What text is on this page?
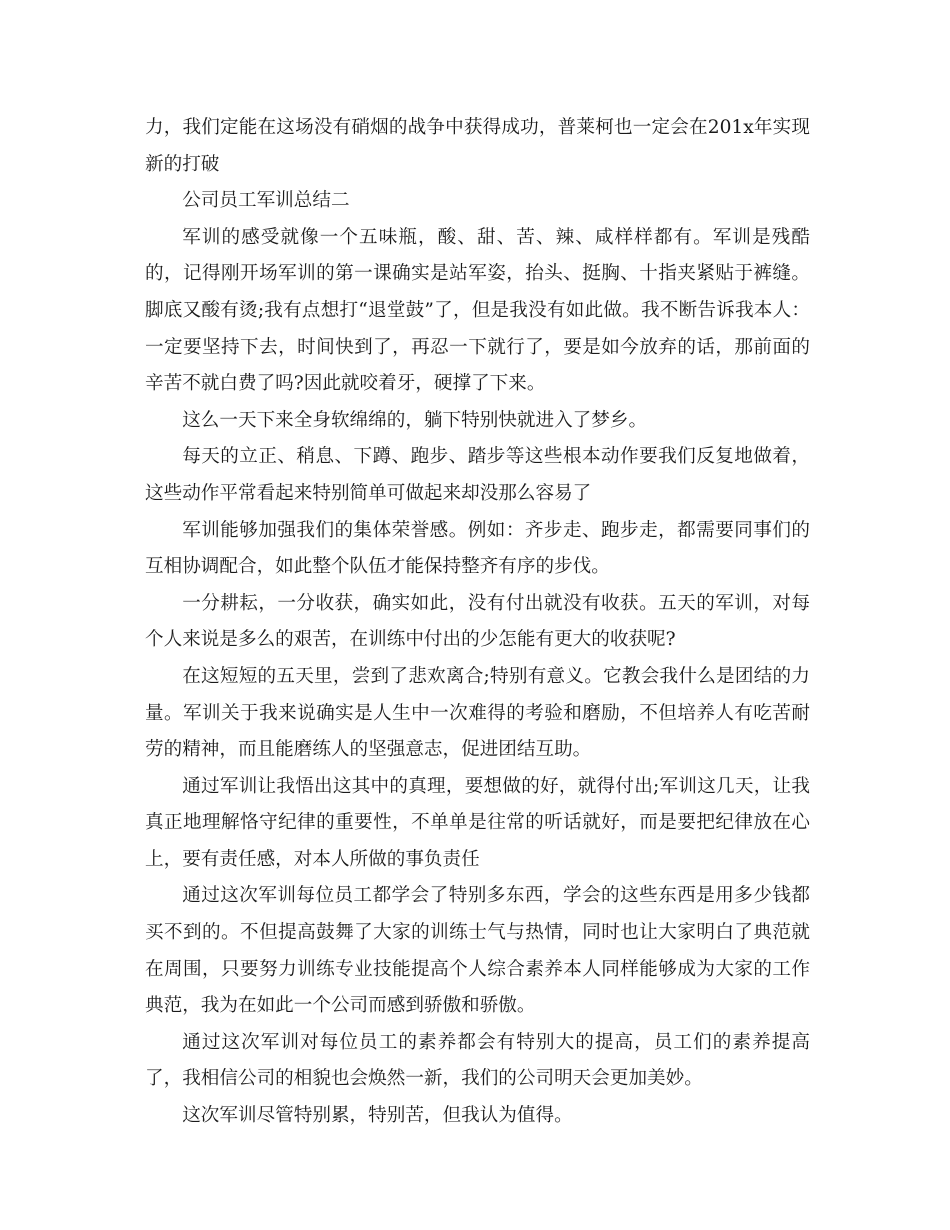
力，我们定能在这场没有硝烟的战争中获得成功，普莱柯也一定会在201x年实现新的打破

公司员工军训总结二

军训的感受就像一个五味瓶，酸、甜、苦、辣、咸样样都有。军训是残酷的，记得刚开场军训的第一课确实是站军姿，抬头、挺胸、十指夹紧贴于裤缝。脚底又酸有烫;我有点想打“退堂鼓”了，但是我没有如此做。我不断告诉我本人：一定要坚持下去，时间快到了，再忍一下就行了，要是如今放弃的话，那前面的辛苦不就白费了吗?因此就咬着牙，硬撑了下来。

这么一天下来全身软绵绵的，躺下特别快就进入了梦乡。

每天的立正、稍息、下蹲、跑步、踏步等这些根本动作要我们反复地做着，这些动作平常看起来特别简单可做起来却没那么容易了

军训能够加强我们的集体荣誉感。例如：齐步走、跑步走，都需要同事们的互相协调配合，如此整个队伍才能保持整齐有序的步伐。

一分耕耘，一分收获，确实如此，没有付出就没有收获。五天的军训，对每个人来说是多么的艰苦，在训练中付出的少怎能有更大的收获呢?

在这短短的五天里，尝到了悲欢离合;特别有意义。它教会我什么是团结的力量。军训关于我来说确实是人生中一次难得的考验和磨励，不但培养人有吃苦耐劳的精神，而且能磨练人的坚强意志，促进团结互助。

通过军训让我悟出这其中的真理，要想做的好，就得付出;军训这几天，让我真正地理解恪守纪律的重要性，不单单是往常的听话就好，而是要把纪律放在心上，要有责任感，对本人所做的事负责任

通过这次军训每位员工都学会了特别多东西，学会的这些东西是用多少钱都买不到的。不但提高鼓舞了大家的训练士气与热情，同时也让大家明白了典范就在周围，只要努力训练专业技能提高个人综合素养本人同样能够成为大家的工作典范，我为在如此一个公司而感到骄傲和骄傲。

通过这次军训对每位员工的素养都会有特别大的提高，员工们的素养提高了，我相信公司的相貌也会焕然一新，我们的公司明天会更加美妙。

这次军训尽管特别累，特别苦，但我认为值得。
